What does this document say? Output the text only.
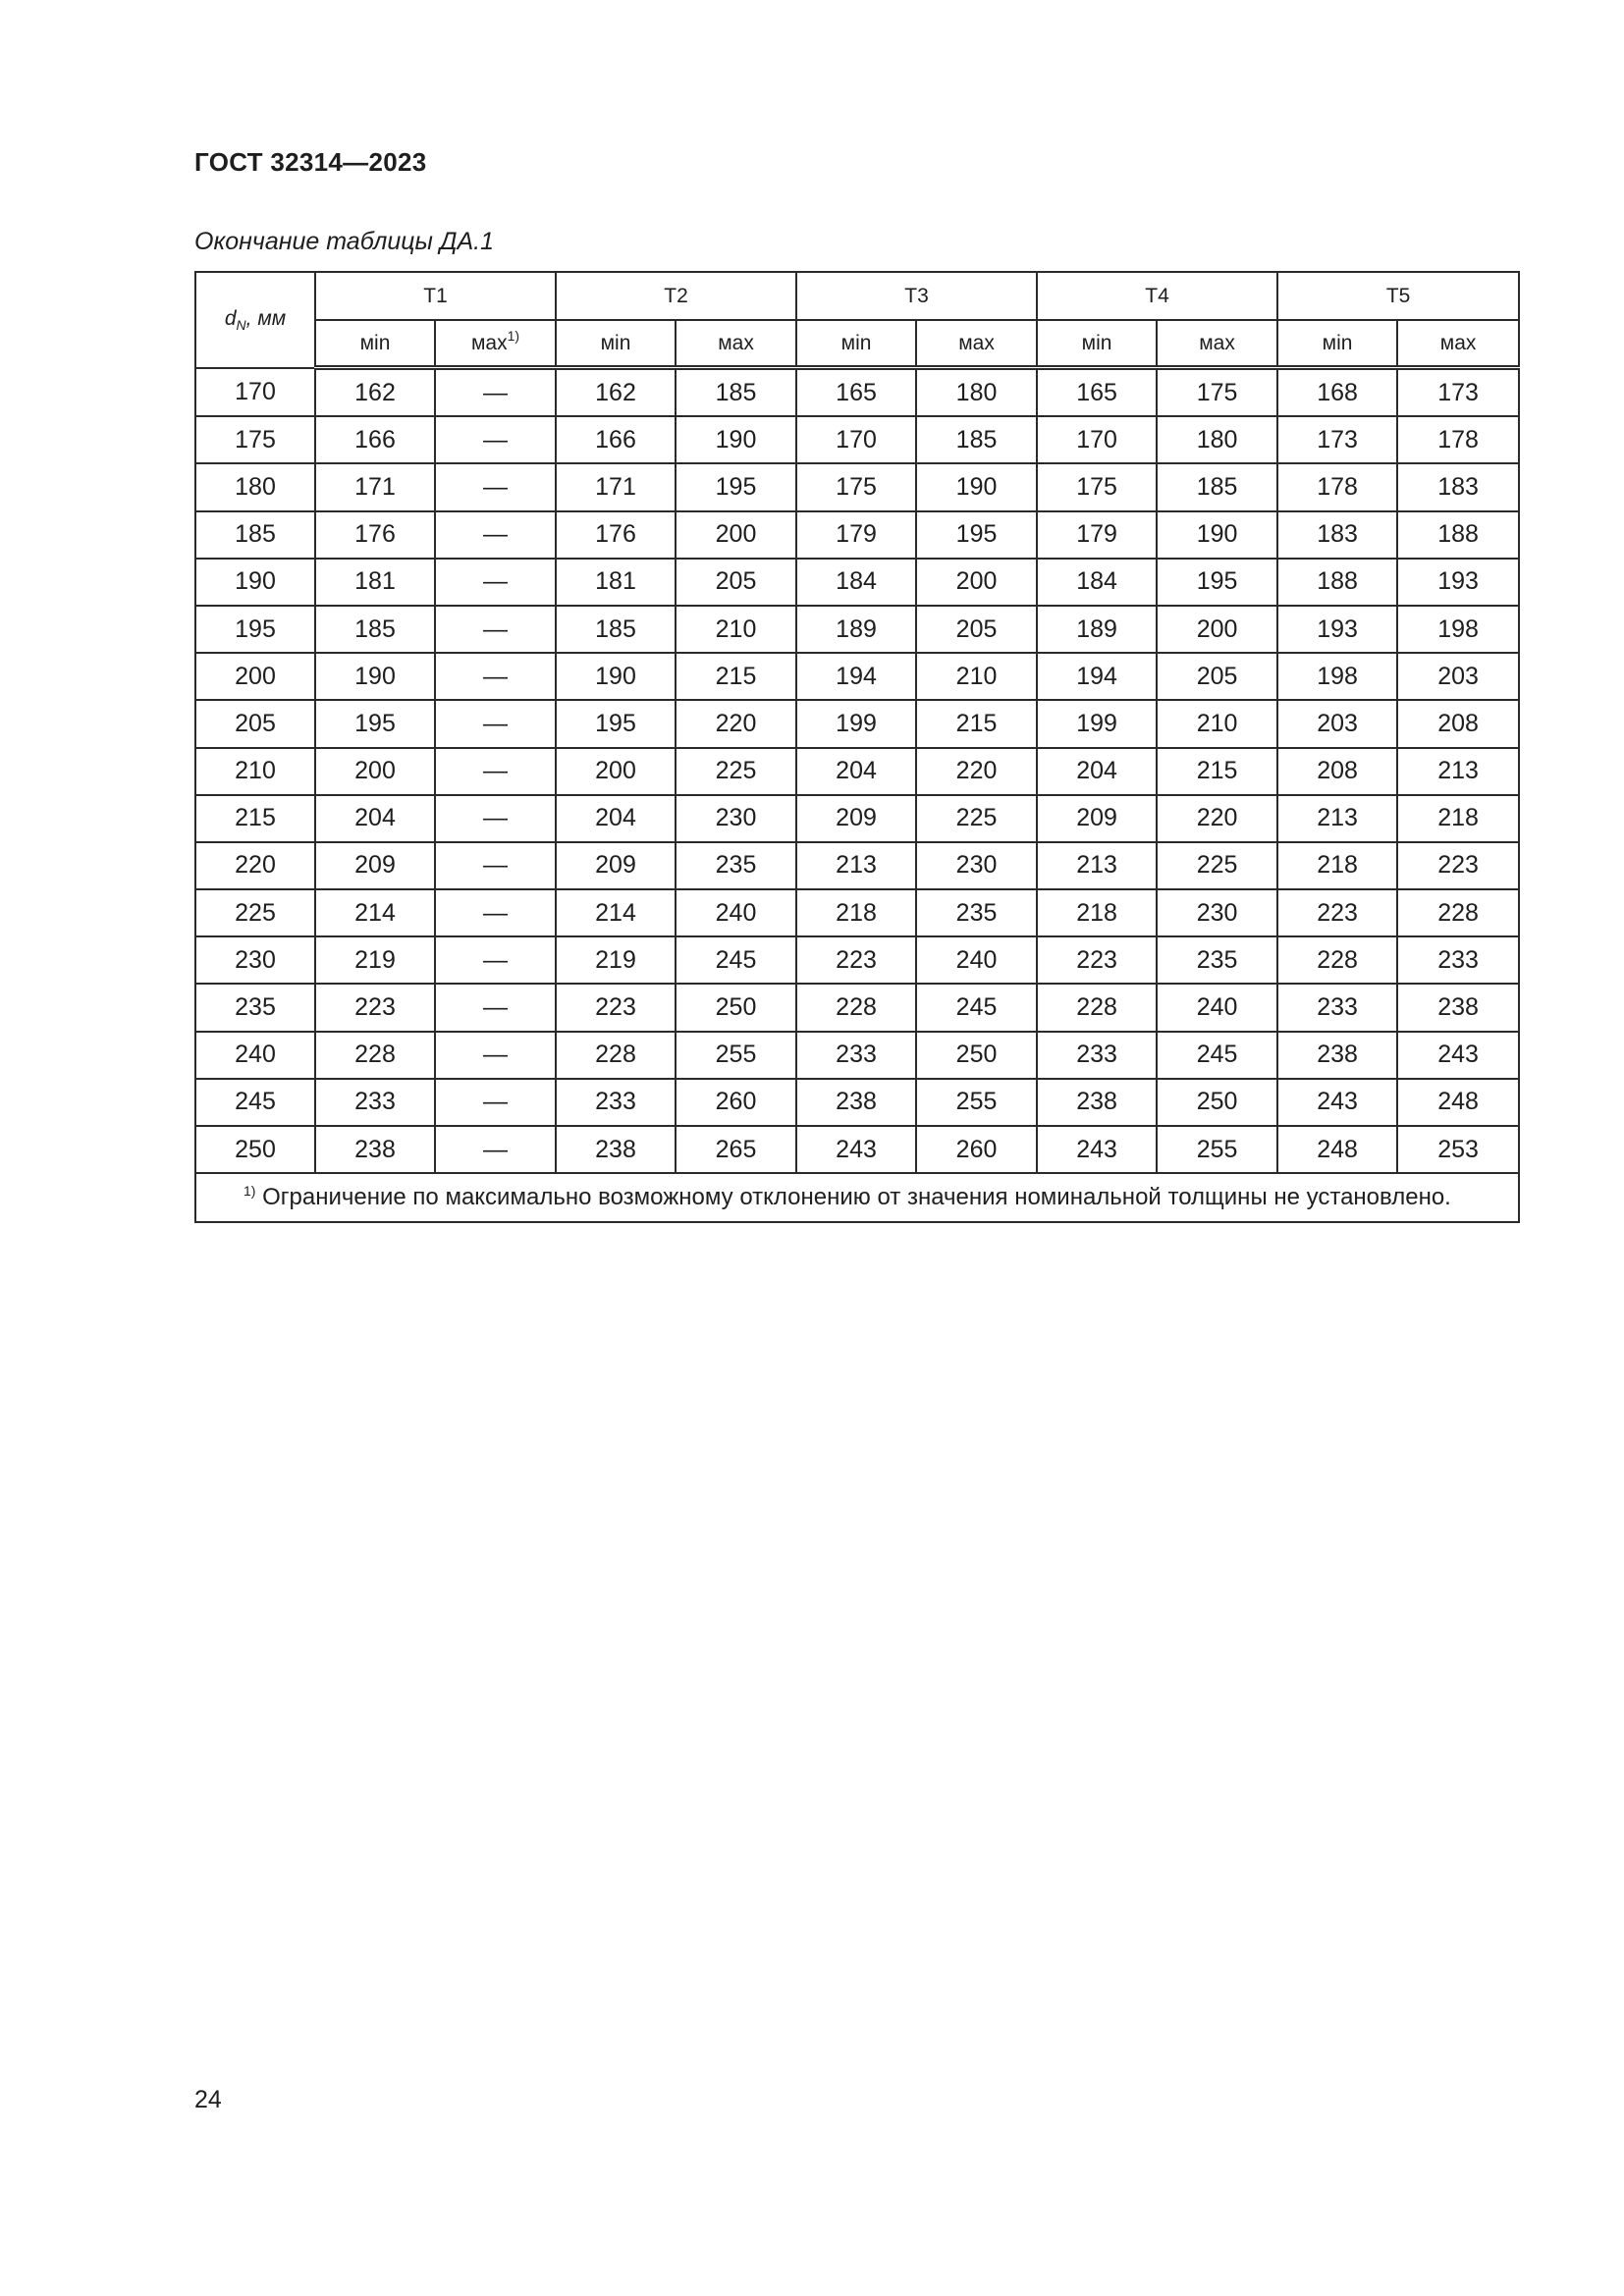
ГОСТ 32314—2023
Окончание таблицы ДА.1
$d_N$, мм	Т1		Т2		Т3		Т4		Т5	
	мin	мах$^{1)}$	мin	мах	мin	мах	мin	мах	мin	мах
170	162	—	162	185	165	180	165	175	168	173
175	166	—	166	190	170	185	170	180	173	178
180	171	—	171	195	175	190	175	185	178	183
185	176	—	176	200	179	195	179	190	183	188
190	181	—	181	205	184	200	184	195	188	193
195	185	—	185	210	189	205	189	200	193	198
200	190	—	190	215	194	210	194	205	198	203
205	195	—	195	220	199	215	199	210	203	208
210	200	—	200	225	204	220	204	215	208	213
215	204	—	204	230	209	225	209	220	213	218
220	209	—	209	235	213	230	213	225	218	223
225	214	—	214	240	218	235	218	230	223	228
230	219	—	219	245	223	240	223	235	228	233
235	223	—	223	250	228	245	228	240	233	238
240	228	—	228	255	233	250	233	245	238	243
245	233	—	233	260	238	255	238	250	243	248
250	238	—	238	265	243	260	243	255	248	253
$^{1)}$ Ограничение по максимально возможному отклонению от значения номинальной толщины не установлено.										
24
